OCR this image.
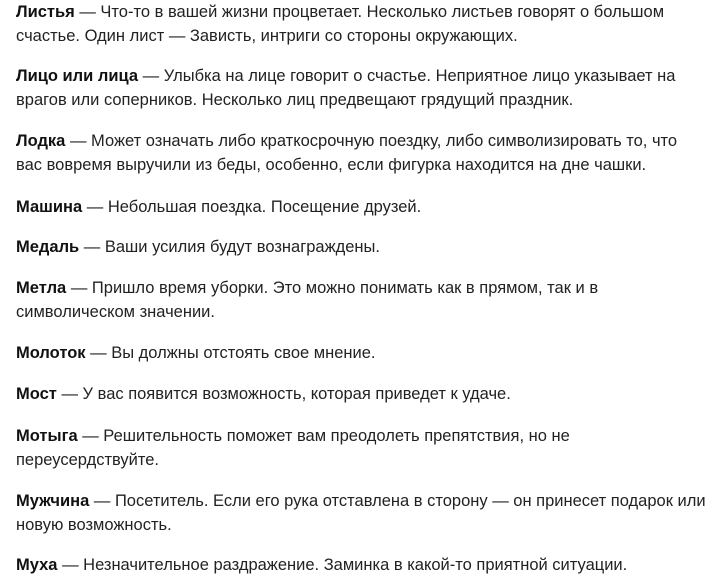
Листья — Что-то в вашей жизни процветает. Несколько листьев говорят о большом счастье. Один лист — Зависть, интриги со стороны окружающих.

Лицо или лица — Улыбка на лице говорит о счастье. Неприятное лицо указывает на врагов или соперников. Несколько лиц предвещают грядущий праздник.

Лодка — Может означать либо краткосрочную поездку, либо символизировать то, что вас вовремя выручили из беды, особенно, если фигурка находится на дне чашки.

Машина — Небольшая поездка. Посещение друзей.

Медаль — Ваши усилия будут вознаграждены.

Метла — Пришло время уборки. Это можно понимать как в прямом, так и в символическом значении.

Молоток — Вы должны отстоять свое мнение.

Мост — У вас появится возможность, которая приведет к удаче.

Мотыга — Решительность поможет вам преодолеть препятствия, но не переусердствуйте.

Мужчина — Посетитель. Если его рука отставлена в сторону — он принесет подарок или новую возможность.

Муха — Незначительное раздражение. Заминка в какой-то приятной ситуации.
